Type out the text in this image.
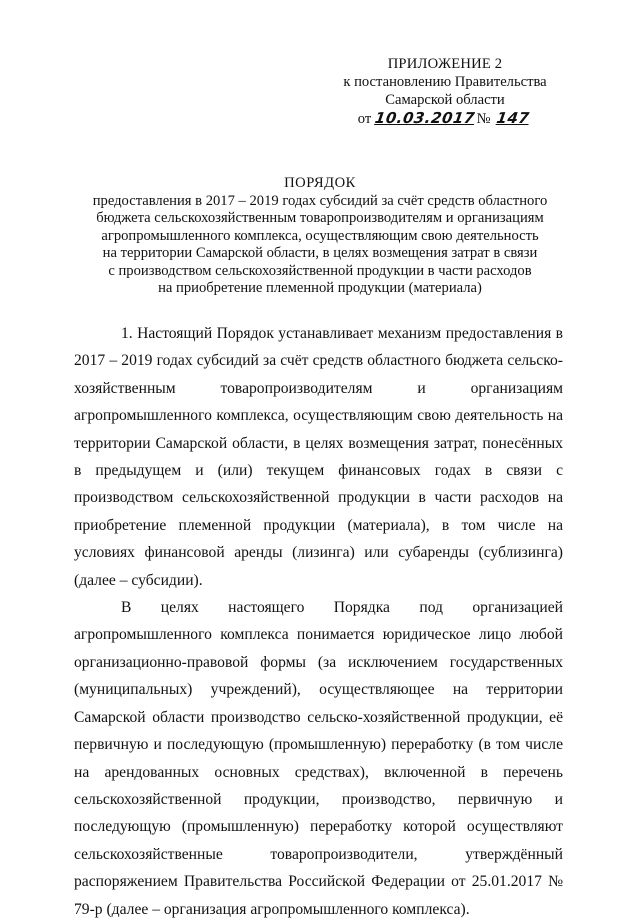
ПРИЛОЖЕНИЕ 2
к постановлению Правительства
Самарской области
от 10.03.2017 № 147
ПОРЯДОК
предоставления в 2017 – 2019 годах субсидий за счёт средств областного
бюджета сельскохозяйственным товаропроизводителям и организациям
агропромышленного комплекса, осуществляющим свою деятельность
на территории Самарской области, в целях возмещения затрат в связи
с производством сельскохозяйственной продукции в части расходов
на приобретение племенной продукции (материала)

1. Настоящий Порядок устанавливает механизм предоставления в 2017 – 2019 годах субсидий за счёт средств областного бюджета сельско-хозяйственным товаропроизводителям и организациям агропромышленного комплекса, осуществляющим свою деятельность на территории Самарской области, в целях возмещения затрат, понесённых в предыдущем и (или) текущем финансовых годах в связи с производством сельскохозяйственной продукции в части расходов на приобретение племенной продукции (материала), в том числе на условиях финансовой аренды (лизинга) или субаренды (сублизинга) (далее – субсидии).

В целях настоящего Порядка под организацией агропромышленного комплекса понимается юридическое лицо любой организационно-правовой формы (за исключением государственных (муниципальных) учреждений), осуществляющее на территории Самарской области производство сельско-хозяйственной продукции, её первичную и последующую (промышленную) переработку (в том числе на арендованных основных средствах), включенной в перечень сельскохозяйственной продукции, производство, первичную и последующую (промышленную) переработку которой осуществляют сельскохозяйственные товаропроизводители, утверждённый распоряжением Правительства Российской Федерации от 25.01.2017 № 79-р (далее – организация агропромышленного комплекса).
